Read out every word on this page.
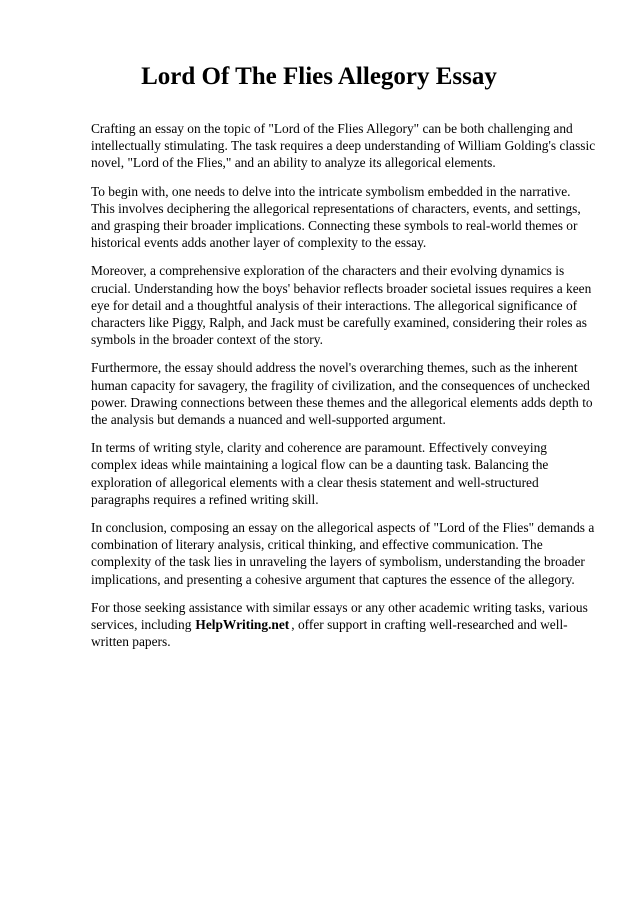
Lord Of The Flies Allegory Essay

Crafting an essay on the topic of "Lord of the Flies Allegory" can be both challenging and intellectually stimulating. The task requires a deep understanding of William Golding's classic novel, "Lord of the Flies," and an ability to analyze its allegorical elements.

To begin with, one needs to delve into the intricate symbolism embedded in the narrative. This involves deciphering the allegorical representations of characters, events, and settings, and grasping their broader implications. Connecting these symbols to real-world themes or historical events adds another layer of complexity to the essay.

Moreover, a comprehensive exploration of the characters and their evolving dynamics is crucial. Understanding how the boys' behavior reflects broader societal issues requires a keen eye for detail and a thoughtful analysis of their interactions. The allegorical significance of characters like Piggy, Ralph, and Jack must be carefully examined, considering their roles as symbols in the broader context of the story.

Furthermore, the essay should address the novel's overarching themes, such as the inherent human capacity for savagery, the fragility of civilization, and the consequences of unchecked power. Drawing connections between these themes and the allegorical elements adds depth to the analysis but demands a nuanced and well-supported argument.

In terms of writing style, clarity and coherence are paramount. Effectively conveying complex ideas while maintaining a logical flow can be a daunting task. Balancing the exploration of allegorical elements with a clear thesis statement and well-structured paragraphs requires a refined writing skill.

In conclusion, composing an essay on the allegorical aspects of "Lord of the Flies" demands a combination of literary analysis, critical thinking, and effective communication. The complexity of the task lies in unraveling the layers of symbolism, understanding the broader implications, and presenting a cohesive argument that captures the essence of the allegory.

For those seeking assistance with similar essays or any other academic writing tasks, various services, including HelpWriting.net , offer support in crafting well-researched and well-written papers.
